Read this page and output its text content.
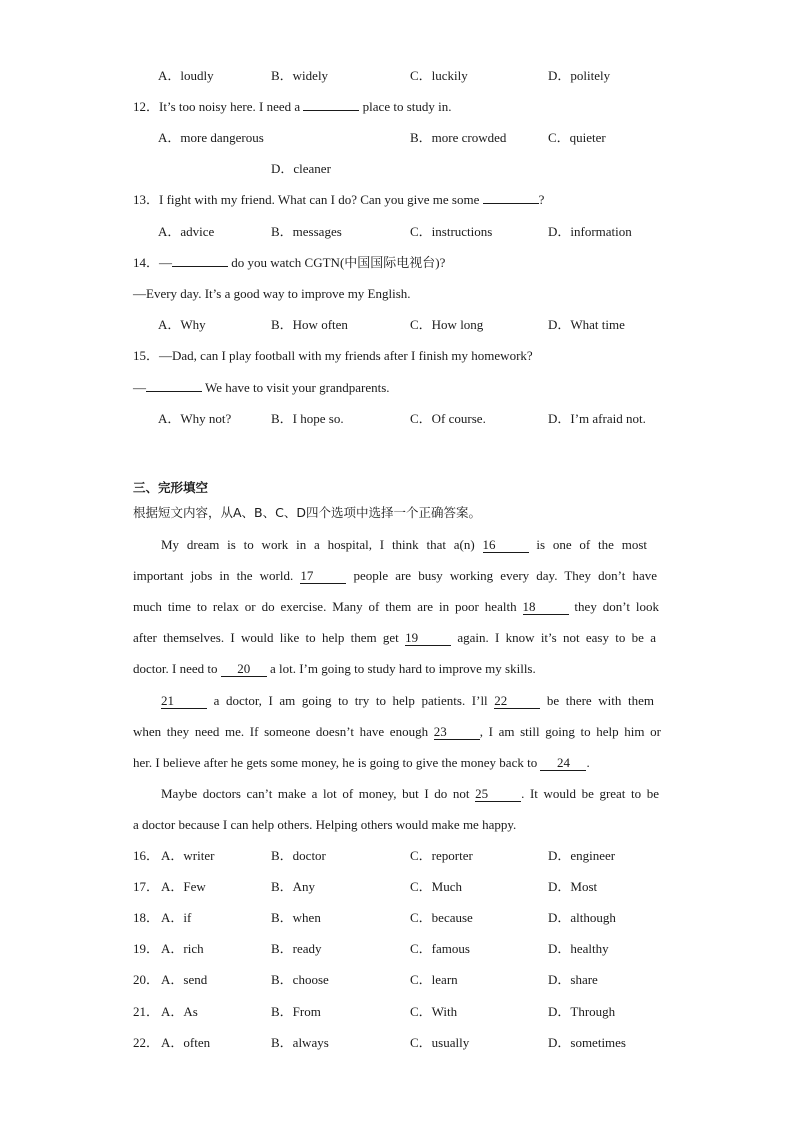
A．loudly	B．widely	C．luckily	D．politely
12．It’s too noisy here. I need a	place to study in.
A．more dangerous	B．more crowded	C．quieter
D．cleaner
13．I fight with my friend. What can I do? Can you give me some	?
A．advice	B．messages	C．instructions	D．information
14．—	do you watch CGTN(中国国际电视台)?
—Every day. It’s a good way to improve my English.
A．Why	B．How often	C．How long	D．What time
15．—Dad, can I play football with my friends after I finish my homework?
—	We have to visit your grandparents.
A．Why not?	B．I hope so.	C．Of course.	D．I’m afraid not.
三、完形填空
根据短文内容，从A、B、C、D四个选项中选择一个正确答案。
My dream is to work in a hospital, I think that a(n) 16	is one of the most
important jobs in the world. 17	people are busy working every day. They don’t have
much time to relax or do exercise. Many of them are in poor health 18	they don’t look
after themselves. I would like to help them get 19	again. I know it’s not easy to be a
doctor. I need to 20 a lot. I’m going to study hard to improve my skills.
21	a doctor, I am going to try to help patients. I’ll 22	be there with them
when they need me. If someone doesn’t have enough 23	, I am still going to help him or
her. I believe after he gets some money, he is going to give the money back to 24 .
Maybe doctors can’t make a lot of money, but I do not 25	. It would be great to be
a doctor because I can help others. Helping others would make me happy.
16． A．writer	B．doctor	C．reporter	D．engineer
17． A．Few	B．Any	C．Much	D．Most
18． A．if	B．when	C．because	D．although
19． A．rich	B．ready	C．famous	D．healthy
20． A．send	B．choose	C．learn	D．share
21． A．As	B．From	C．With	D．Through
22． A．often	B．always	C．usually	D．sometimes
